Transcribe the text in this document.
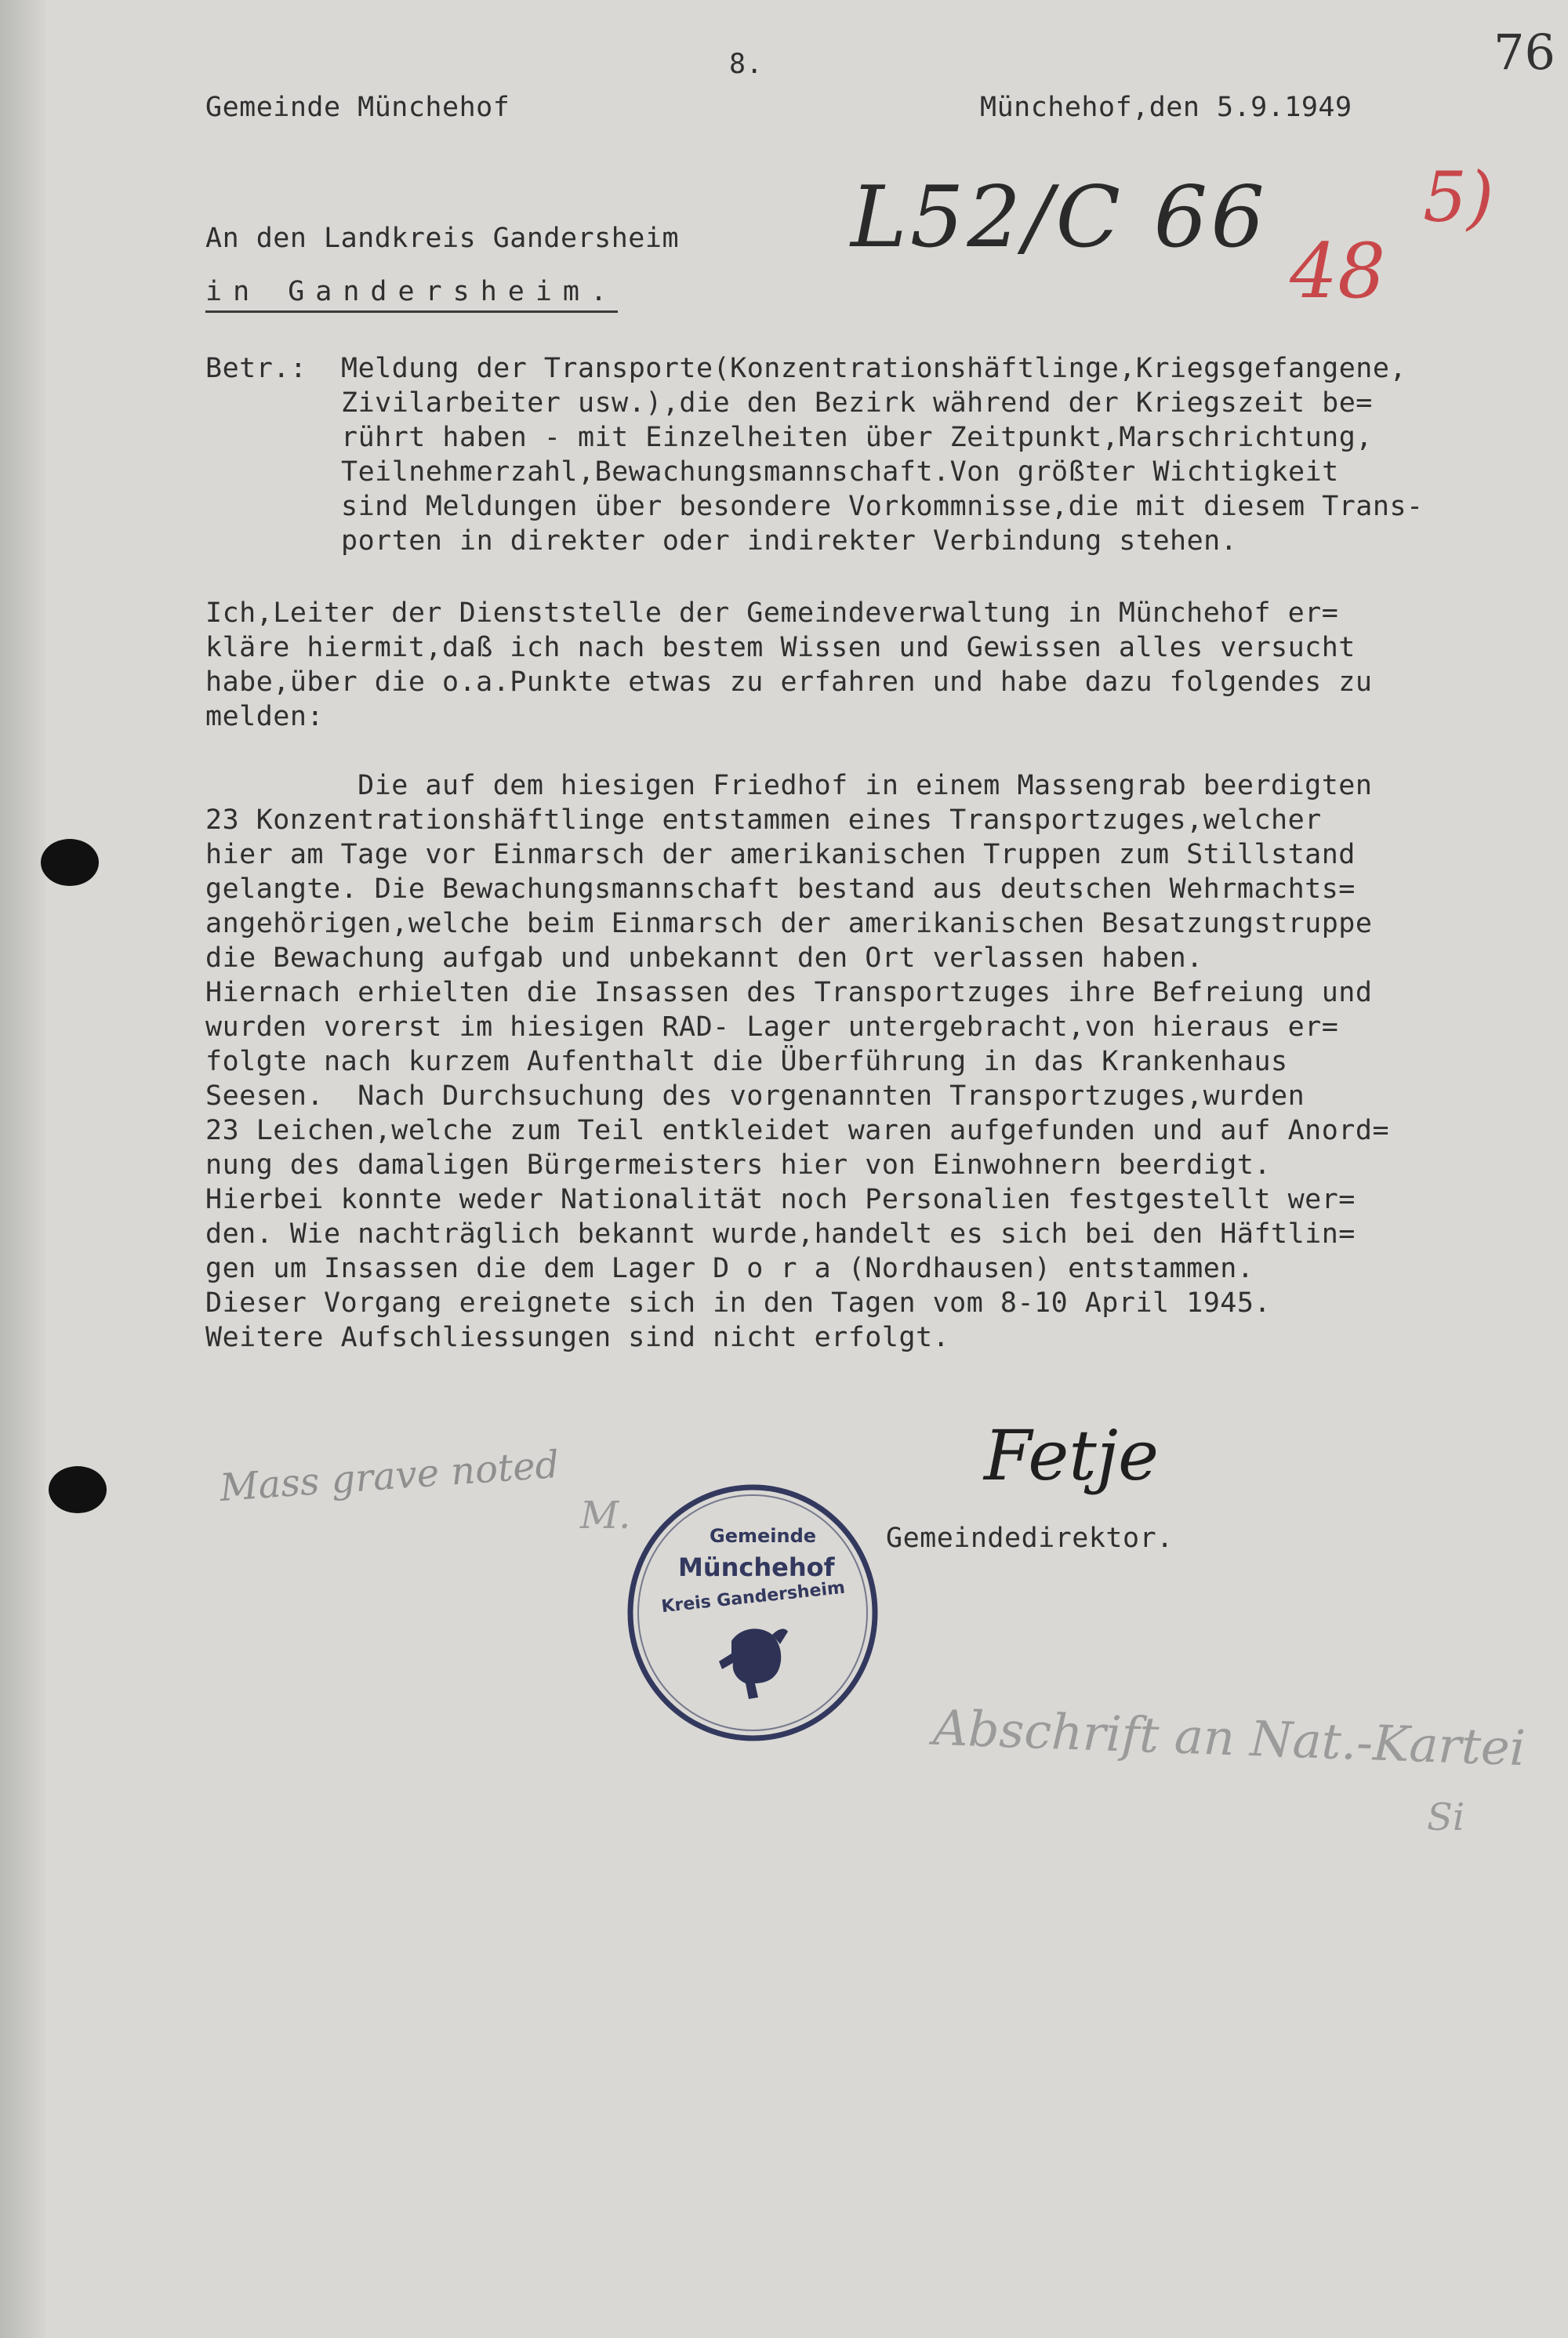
8.	76
Gemeinde Münchehof	Münchehof,den 5.9.1949
An den Landkreis Gandersheim
in Gandersheim.
L52/C 66
48
5)
Betr.: Meldung der Transporte(Konzentrationshäftlinge,Kriegsgefangene,
Zivilarbeiter usw.),die den Bezirk während der Kriegszeit be=
rührt haben - mit Einzelheiten über Zeitpunkt,Marschrichtung,
Teilnehmerzahl,Bewachungsmannschaft.Von größter Wichtigkeit
sind Meldungen über besondere Vorkommnisse,die mit diesem Trans-
porten in direkter oder indirekter Verbindung stehen.
Ich,Leiter der Dienststelle der Gemeindeverwaltung in Münchehof er=
kläre hiermit,daß ich nach bestem Wissen und Gewissen alles versucht
habe,über die o.a.Punkte etwas zu erfahren und habe dazu folgendes zu
melden:
Die auf dem hiesigen Friedhof in einem Massengrab beerdigten
23 Konzentrationshäftlinge entstammen eines Transportzuges,welcher
hier am Tage vor Einmarsch der amerikanischen Truppen zum Stillstand
gelangte. Die Bewachungsmannschaft bestand aus deutschen Wehrmachts=
angehörigen,welche beim Einmarsch der amerikanischen Besatzungstruppe
die Bewachung aufgab und unbekannt den Ort verlassen haben.
Hiernach erhielten die Insassen des Transportzuges ihre Befreiung und
wurden vorerst im hiesigen RAD- Lager untergebracht,von hieraus er=
folgte nach kurzem Aufenthalt die Überführung in das Krankenhaus
Seesen.  Nach Durchsuchung des vorgenannten Transportzuges,wurden
23 Leichen,welche zum Teil entkleidet waren aufgefunden und auf Anord=
nung des damaligen Bürgermeisters hier von Einwohnern beerdigt.
Hierbei konnte weder Nationalität noch Personalien festgestellt wer=
den. Wie nachträglich bekannt wurde,handelt es sich bei den Häftlin=
gen um Insassen die dem Lager D o r a (Nordhausen) entstammen.
Dieser Vorgang ereignete sich in den Tagen vom 8-10 April 1945.
Weitere Aufschliessungen sind nicht erfolgt.
Mass grave noted
M.	Gemeinde
Münchehof
Kreis Gandersheim
Fetje
Gemeindedirektor.
Abschrift an Nat.-Kartei
Si
